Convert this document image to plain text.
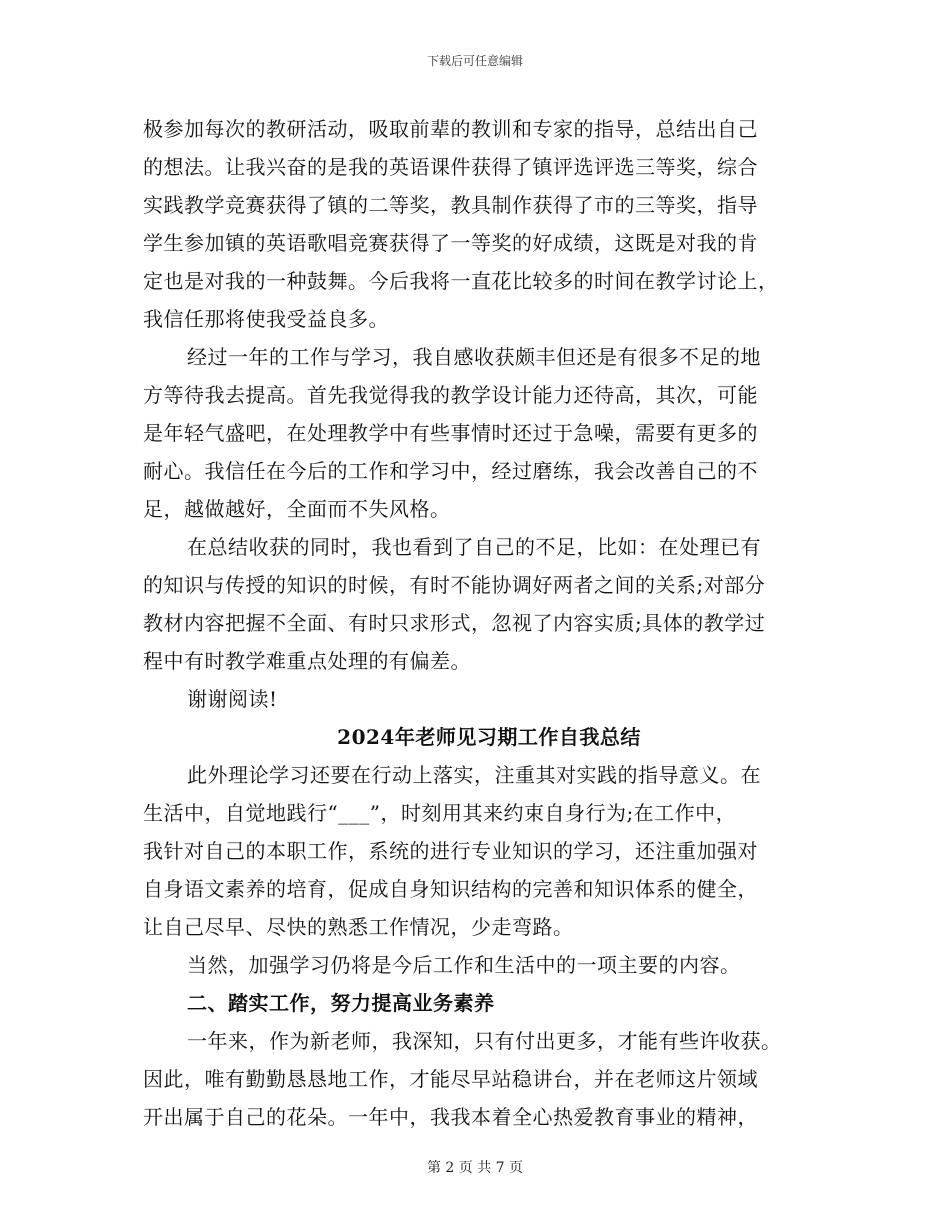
下载后可任意编辑
极参加每次的教研活动，吸取前辈的教训和专家的指导，总结出自己
的想法。让我兴奋的是我的英语课件获得了镇评选评选三等奖，综合
实践教学竞赛获得了镇的二等奖，教具制作获得了市的三等奖，指导
学生参加镇的英语歌唱竞赛获得了一等奖的好成绩，这既是对我的肯
定也是对我的一种鼓舞。今后我将一直花比较多的时间在教学讨论上，
我信任那将使我受益良多。
经过一年的工作与学习，我自感收获颇丰但还是有很多不足的地
方等待我去提高。首先我觉得我的教学设计能力还待高，其次，可能
是年轻气盛吧，在处理教学中有些事情时还过于急噪，需要有更多的
耐心。我信任在今后的工作和学习中，经过磨练，我会改善自己的不
足，越做越好，全面而不失风格。
在总结收获的同时，我也看到了自己的不足，比如：在处理已有
的知识与传授的知识的时候，有时不能协调好两者之间的关系;对部分
教材内容把握不全面、有时只求形式，忽视了内容实质;具体的教学过
程中有时教学难重点处理的有偏差。
谢谢阅读!
2024年老师见习期工作自我总结
此外理论学习还要在行动上落实，注重其对实践的指导意义。在
生活中，自觉地践行“___”，时刻用其来约束自身行为;在工作中，
我针对自己的本职工作，系统的进行专业知识的学习，还注重加强对
自身语文素养的培育，促成自身知识结构的完善和知识体系的健全，
让自己尽早、尽快的熟悉工作情况，少走弯路。
当然，加强学习仍将是今后工作和生活中的一项主要的内容。
二、踏实工作，努力提高业务素养
一年来，作为新老师，我深知，只有付出更多，才能有些许收获。
因此，唯有勤勤恳恳地工作，才能尽早站稳讲台，并在老师这片领域
开出属于自己的花朵。一年中，我我本着全心热爱教育事业的精神，
第 2 页 共 7 页
